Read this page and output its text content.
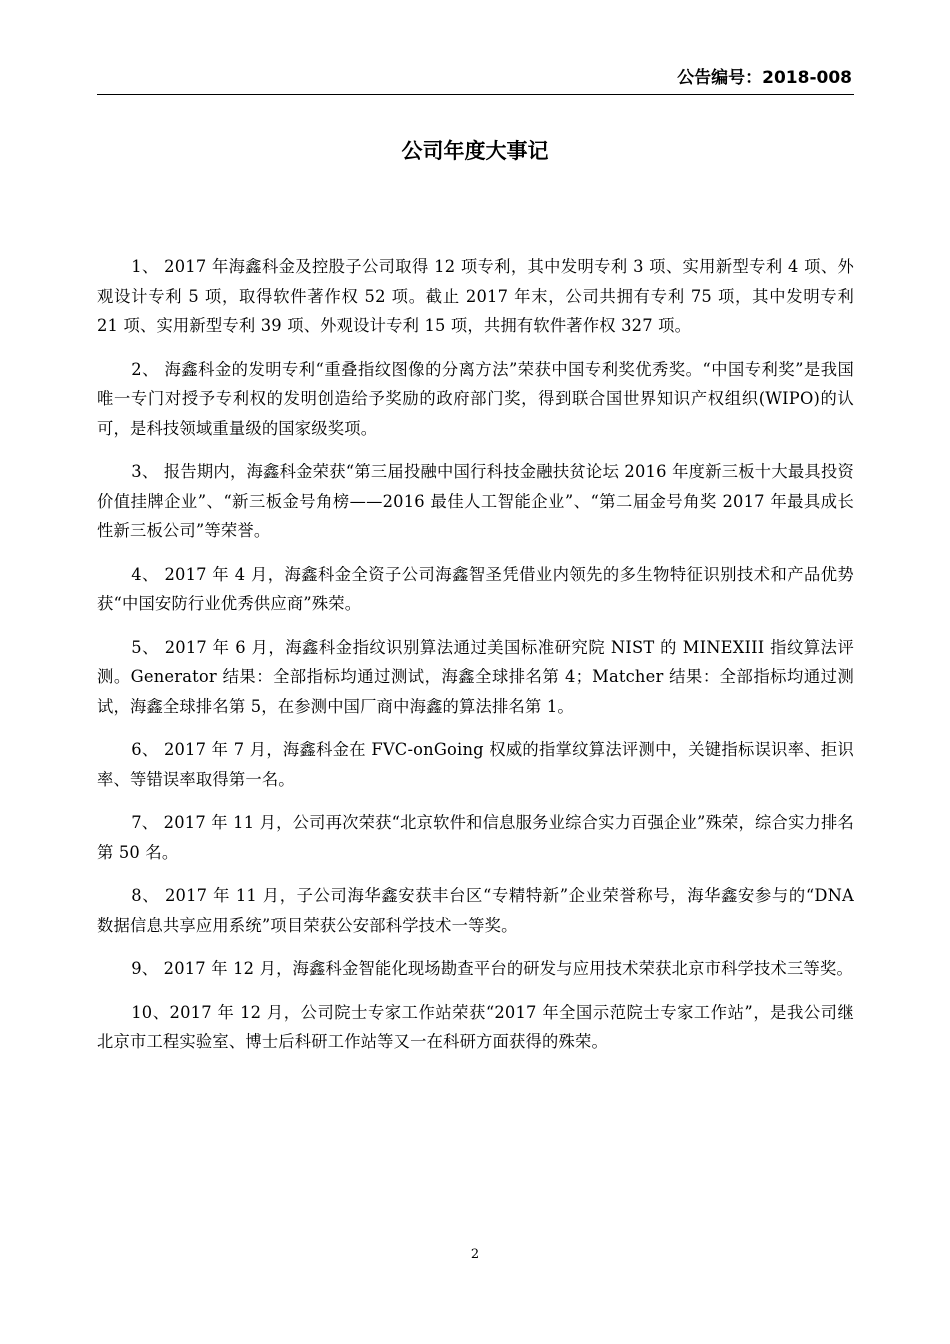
公告编号：2018-008
公司年度大事记

1、 2017 年海鑫科金及控股子公司取得 12 项专利，其中发明专利 3 项、实用新型专利 4 项、外观设计专利 5 项，取得软件著作权 52 项。截止 2017 年末，公司共拥有专利 75 项，其中发明专利 21 项、实用新型专利 39 项、外观设计专利 15 项，共拥有软件著作权 327 项。

2、 海鑫科金的发明专利“重叠指纹图像的分离方法”荣获中国专利奖优秀奖。“中国专利奖”是我国唯一专门对授予专利权的发明创造给予奖励的政府部门奖，得到联合国世界知识产权组织(WIPO)的认可，是科技领域重量级的国家级奖项。

3、 报告期内，海鑫科金荣获“第三届投融中国行科技金融扶贫论坛 2016 年度新三板十大最具投资价值挂牌企业”、“新三板金号角榜——2016 最佳人工智能企业”、“第二届金号角奖 2017 年最具成长性新三板公司”等荣誉。

4、 2017 年 4 月，海鑫科金全资子公司海鑫智圣凭借业内领先的多生物特征识别技术和产品优势获“中国安防行业优秀供应商”殊荣。

5、 2017 年 6 月，海鑫科金指纹识别算法通过美国标准研究院 NIST 的 MINEXIII 指纹算法评测。Generator 结果：全部指标均通过测试，海鑫全球排名第 4；Matcher 结果：全部指标均通过测试，海鑫全球排名第 5，在参测中国厂商中海鑫的算法排名第 1。

6、 2017 年 7 月，海鑫科金在 FVC-onGoing 权威的指掌纹算法评测中，关键指标误识率、拒识率、等错误率取得第一名。

7、 2017 年 11 月，公司再次荣获“北京软件和信息服务业综合实力百强企业”殊荣，综合实力排名第 50 名。

8、 2017 年 11 月，子公司海华鑫安获丰台区“专精特新”企业荣誉称号，海华鑫安参与的“DNA 数据信息共享应用系统”项目荣获公安部科学技术一等奖。

9、 2017 年 12 月，海鑫科金智能化现场勘查平台的研发与应用技术荣获北京市科学技术三等奖。

10、2017 年 12 月，公司院士专家工作站荣获“2017 年全国示范院士专家工作站”，是我公司继北京市工程实验室、博士后科研工作站等又一在科研方面获得的殊荣。

2
